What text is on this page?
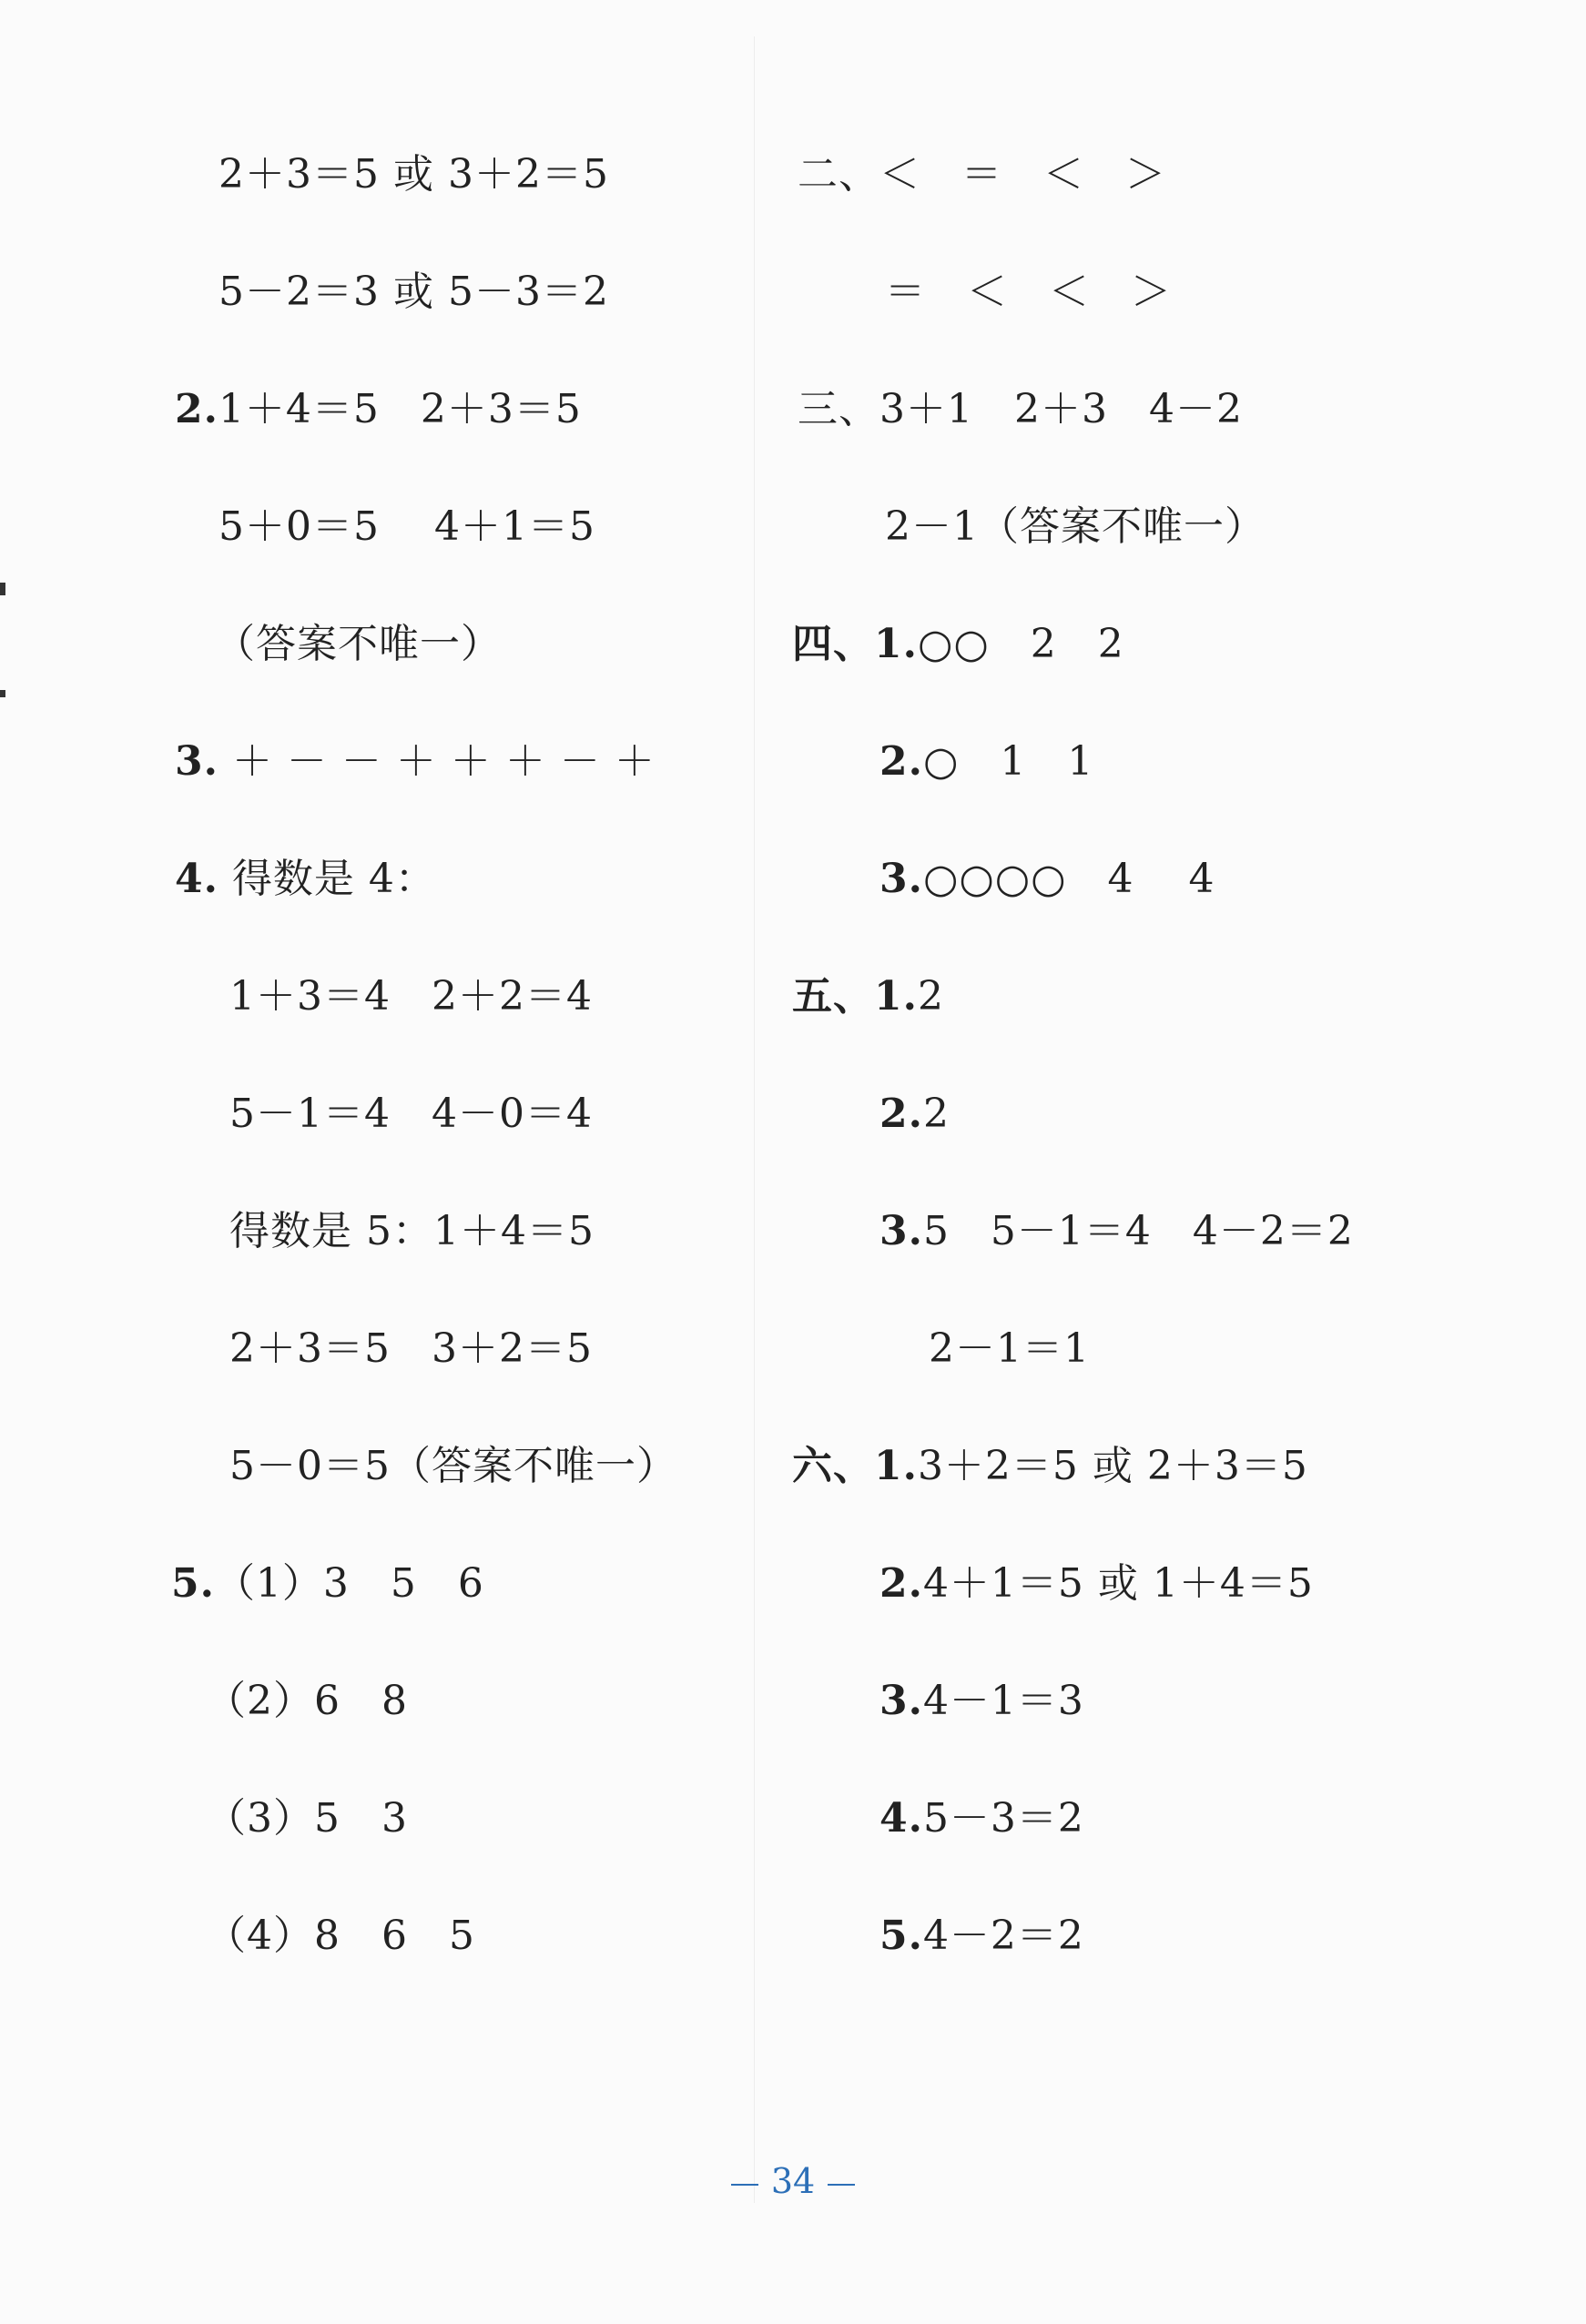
2＋3＝5 或 3＋2＝5
5－2＝3 或 5－3＝2
2.1＋4＝5　2＋3＝5
5＋0＝5　 4＋1＝5
（答案不唯一）
3. ＋ － － ＋ ＋ ＋ － ＋
4. 得数是 4：
1＋3＝4　2＋2＝4
5－1＝4　4－0＝4
得数是 5：1＋4＝5
2＋3＝5　3＋2＝5
5－0＝5（答案不唯一）
5.（1）3　5　6
（2）6　8
（3）5　3
（4）8　6　5
二、＜　＝　＜　＞
＝　＜　＜　＞
三、3＋1　2＋3　4－2
2－1（答案不唯一）
四、1.○○　2　2
2.○　1　1
3.○○○○　4　 4
五、1.2
2.2
3.5　5－1＝4　4－2＝2
2－1＝1
六、1.3＋2＝5 或 2＋3＝5
2.4＋1＝5 或 1＋4＝5
3.4－1＝3
4.5－3＝2
5.4－2＝2
34
